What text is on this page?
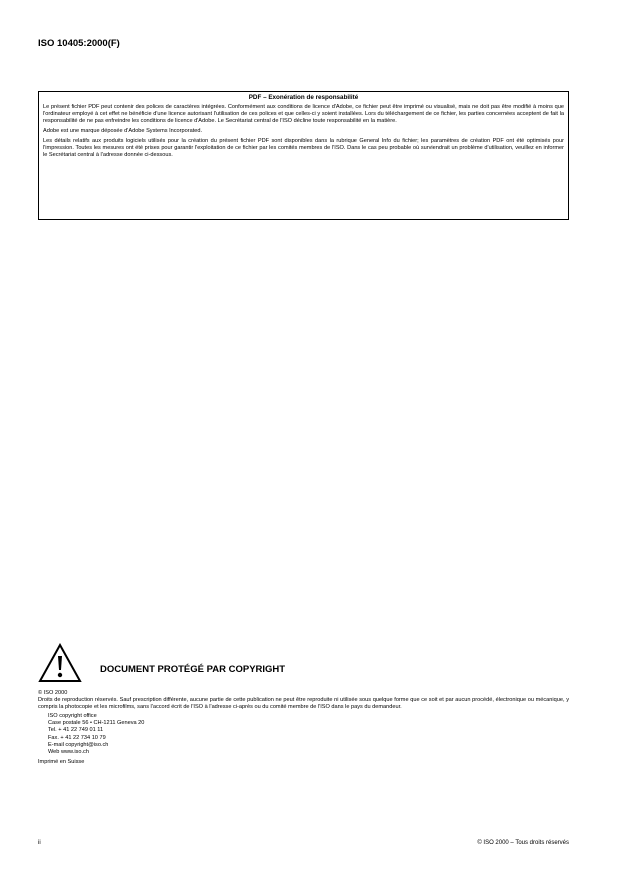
ISO 10405:2000(F)
PDF – Exonération de responsabilité

Le présent fichier PDF peut contenir des polices de caractères intégrées. Conformément aux conditions de licence d'Adobe, ce fichier peut être imprimé ou visualisé, mais ne doit pas être modifié à moins que l'ordinateur employé à cet effet ne bénéficie d'une licence autorisant l'utilisation de ces polices et que celles-ci y soient installées. Lors du téléchargement de ce fichier, les parties concernées acceptent de fait la responsabilité de ne pas enfreindre les conditions de licence d'Adobe. Le Secrétariat central de l'ISO décline toute responsabilité en la matière.

Adobe est une marque déposée d'Adobe Systems Incorporated.

Les détails relatifs aux produits logiciels utilisés pour la création du présent fichier PDF sont disponibles dans la rubrique General Info du fichier; les paramètres de création PDF ont été optimisés pour l'impression. Toutes les mesures ont été prises pour garantir l'exploitation de ce fichier par les comités membres de l'ISO. Dans le cas peu probable où surviendrait un problème d'utilisation, veuillez en informer le Secrétariat central à l'adresse donnée ci-dessous.

DOCUMENT PROTÉGÉ PAR COPYRIGHT

© ISO 2000

Droits de reproduction réservés. Sauf prescription différente, aucune partie de cette publication ne peut être reproduite ni utilisée sous quelque forme que ce soit et par aucun procédé, électronique ou mécanique, y compris la photocopie et les microfilms, sans l'accord écrit de l'ISO à l'adresse ci-après ou du comité membre de l'ISO dans le pays du demandeur.

ISO copyright office
Case postale 56 • CH-1211 Geneva 20
Tel. + 41 22 749 01 11
Fax. + 41 22 734 10 79
E-mail copyright@iso.ch
Web www.iso.ch
Imprimé en Suisse
ii	© ISO 2000 – Tous droits réservés
